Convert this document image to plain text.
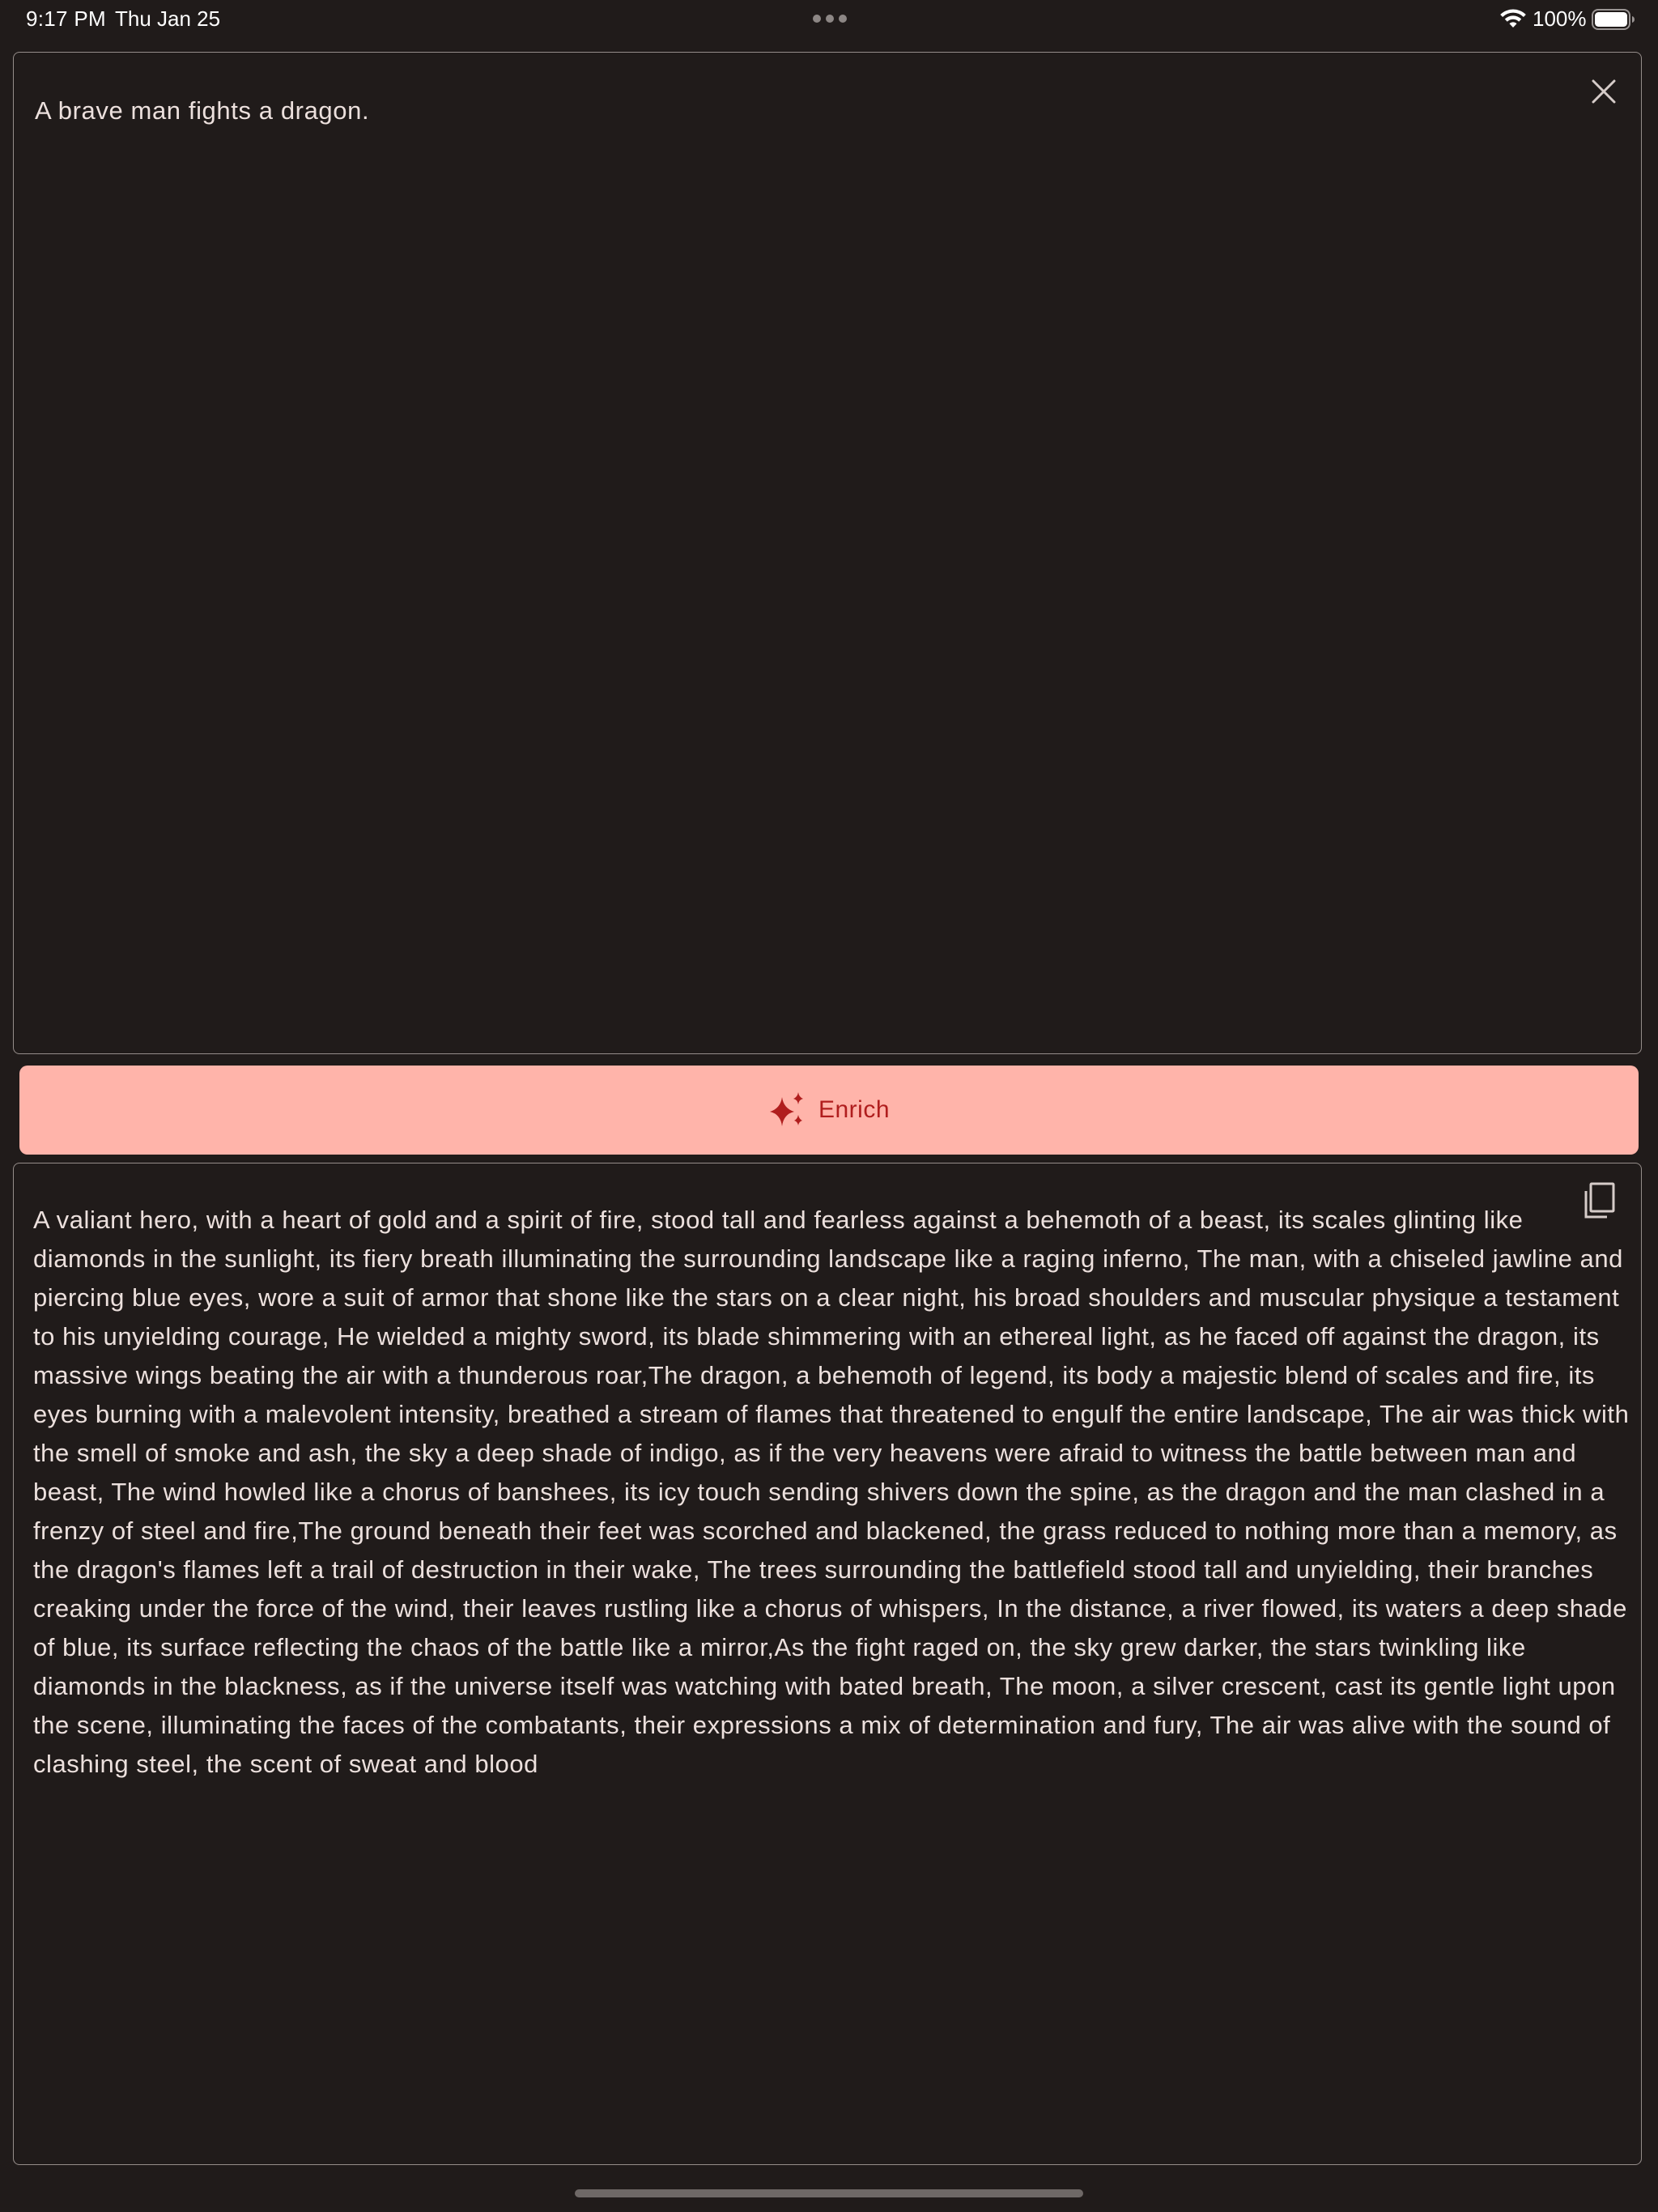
9:17 PM Thu Jan 25	100%
A brave man fights a dragon.
Enrich

A valiant hero, with a heart of gold and a spirit of fire, stood tall and fearless against a behemoth of a beast, its scales glinting like diamonds in the sunlight, its fiery breath illuminating the surrounding landscape like a raging inferno, The man, with a chiseled jawline and piercing blue eyes, wore a suit of armor that shone like the stars on a clear night, his broad shoulders and muscular physique a testament to his unyielding courage, He wielded a mighty sword, its blade shimmering with an ethereal light, as he faced off against the dragon, its massive wings beating the air with a thunderous roar,The dragon, a behemoth of legend, its body a majestic blend of scales and fire, its eyes burning with a malevolent intensity, breathed a stream of flames that threatened to engulf the entire landscape, The air was thick with the smell of smoke and ash, the sky a deep shade of indigo, as if the very heavens were afraid to witness the battle between man and beast, The wind howled like a chorus of banshees, its icy touch sending shivers down the spine, as the dragon and the man clashed in a frenzy of steel and fire,The ground beneath their feet was scorched and blackened, the grass reduced to nothing more than a memory, as the dragon's flames left a trail of destruction in their wake, The trees surrounding the battlefield stood tall and unyielding, their branches creaking under the force of the wind, their leaves rustling like a chorus of whispers, In the distance, a river flowed, its waters a deep shade of blue, its surface reflecting the chaos of the battle like a mirror,As the fight raged on, the sky grew darker, the stars twinkling like diamonds in the blackness, as if the universe itself was watching with bated breath, The moon, a silver crescent, cast its gentle light upon the scene, illuminating the faces of the combatants, their expressions a mix of determination and fury, The air was alive with the sound of clashing steel, the scent of sweat and blood
